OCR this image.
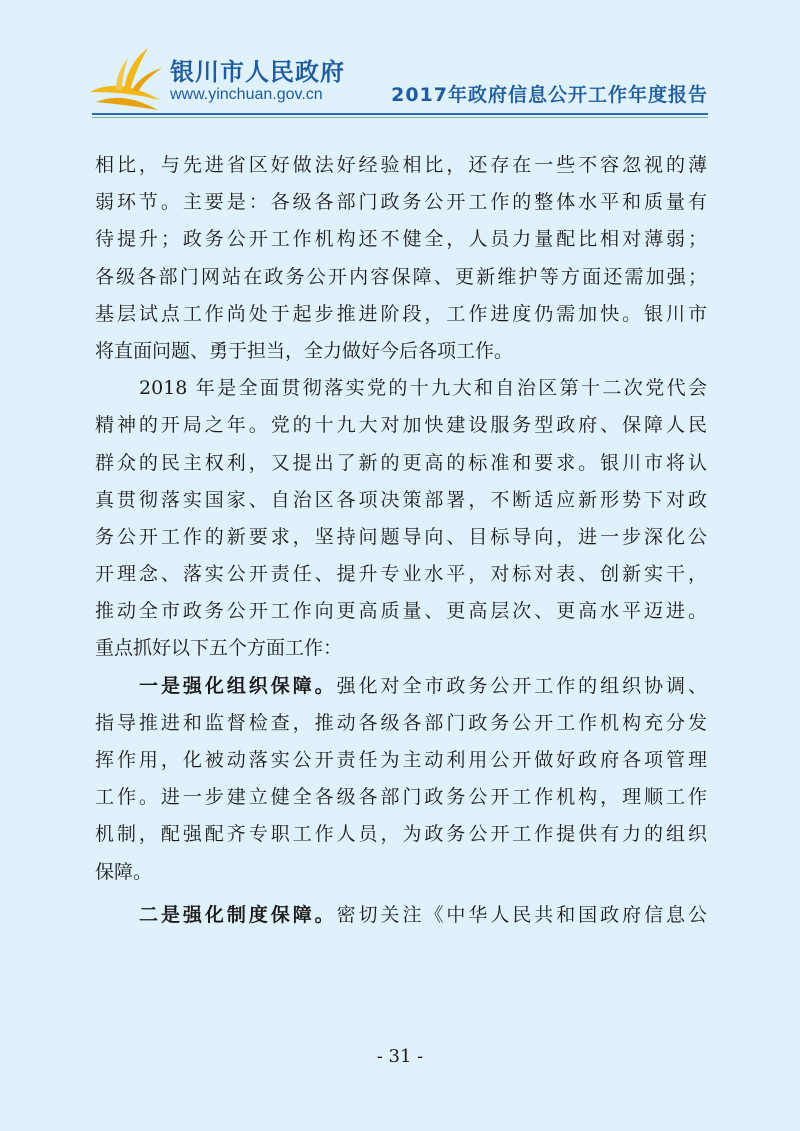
银川市人民政府
www.yinchuan.gov.cn	2017年政府信息公开工作年度报告
相比，与先进省区好做法好经验相比，还存在一些不容忽视的薄
弱环节。主要是：各级各部门政务公开工作的整体水平和质量有
待提升；政务公开工作机构还不健全，人员力量配比相对薄弱；
各级各部门网站在政务公开内容保障、更新维护等方面还需加强；
基层试点工作尚处于起步推进阶段，工作进度仍需加快。银川市
将直面问题、勇于担当，全力做好今后各项工作。
2018 年是全面贯彻落实党的十九大和自治区第十二次党代会
精神的开局之年。党的十九大对加快建设服务型政府、保障人民
群众的民主权利，又提出了新的更高的标准和要求。银川市将认
真贯彻落实国家、自治区各项决策部署，不断适应新形势下对政
务公开工作的新要求，坚持问题导向、目标导向，进一步深化公
开理念、落实公开责任、提升专业水平，对标对表、创新实干，
推动全市政务公开工作向更高质量、更高层次、更高水平迈进。
重点抓好以下五个方面工作：
一是强化组织保障。强化对全市政务公开工作的组织协调、
指导推进和监督检查，推动各级各部门政务公开工作机构充分发
挥作用，化被动落实公开责任为主动利用公开做好政府各项管理
工作。进一步建立健全各级各部门政务公开工作机构，理顺工作
机制，配强配齐专职工作人员，为政务公开工作提供有力的组织
保障。
二是强化制度保障。密切关注《中华人民共和国政府信息公
- 31 -
